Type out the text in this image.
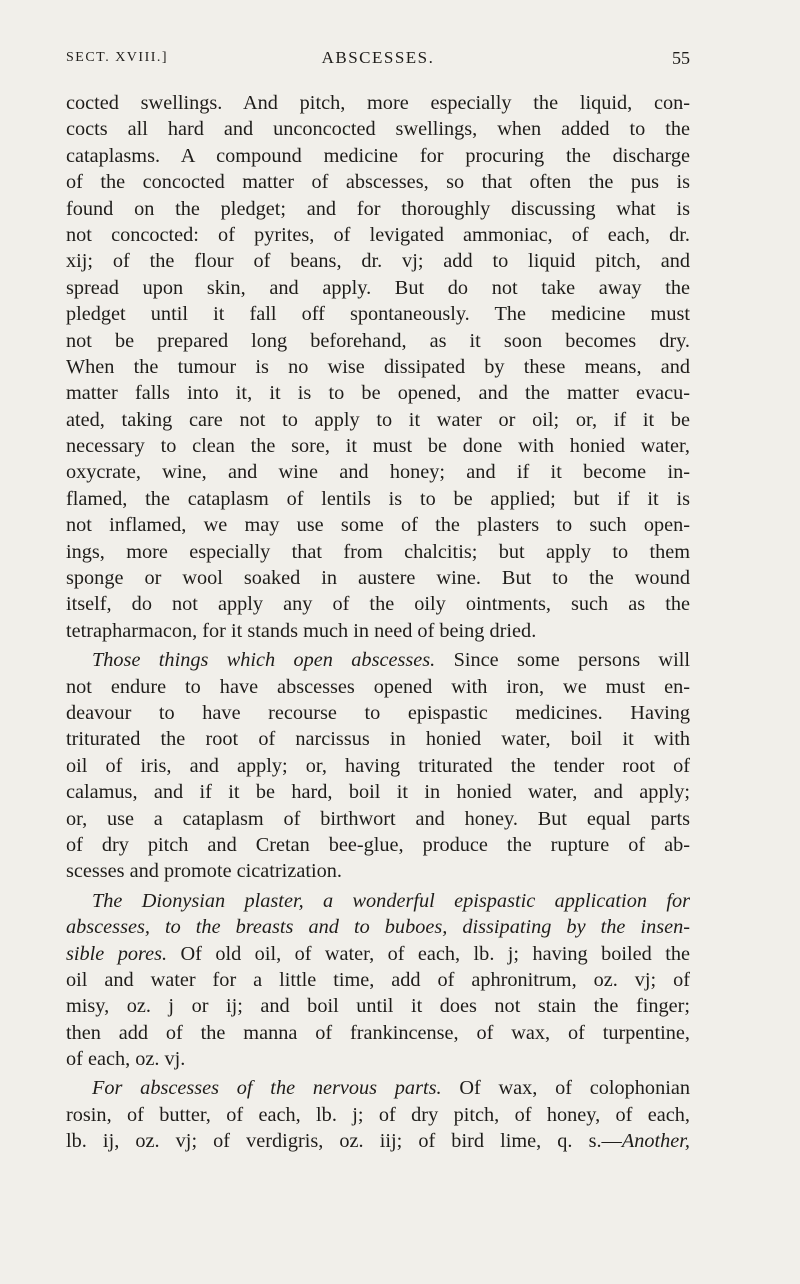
SECT. XVIII.]	ABSCESSES.	55
cocted swellings. And pitch, more especially the liquid, con-
cocts all hard and unconcocted swellings, when added to the
cataplasms. A compound medicine for procuring the discharge
of the concocted matter of abscesses, so that often the pus is
found on the pledget; and for thoroughly discussing what is
not concocted: of pyrites, of levigated ammoniac, of each, dr.
xij; of the flour of beans, dr. vj; add to liquid pitch, and
spread upon skin, and apply. But do not take away the
pledget until it fall off spontaneously. The medicine must
not be prepared long beforehand, as it soon becomes dry.
When the tumour is no wise dissipated by these means, and
matter falls into it, it is to be opened, and the matter evacu-
ated, taking care not to apply to it water or oil; or, if it be
necessary to clean the sore, it must be done with honied water,
oxycrate, wine, and wine and honey; and if it become in-
flamed, the cataplasm of lentils is to be applied; but if it is
not inflamed, we may use some of the plasters to such open-
ings, more especially that from chalcitis; but apply to them
sponge or wool soaked in austere wine. But to the wound
itself, do not apply any of the oily ointments, such as the
tetrapharmacon, for it stands much in need of being dried.
Those things which open abscesses. Since some persons will
not endure to have abscesses opened with iron, we must en-
deavour to have recourse to epispastic medicines. Having
triturated the root of narcissus in honied water, boil it with
oil of iris, and apply; or, having triturated the tender root of
calamus, and if it be hard, boil it in honied water, and apply;
or, use a cataplasm of birthwort and honey. But equal parts
of dry pitch and Cretan bee-glue, produce the rupture of ab-
scesses and promote cicatrization.
The Dionysian plaster, a wonderful epispastic application for
abscesses, to the breasts and to buboes, dissipating by the insen-
sible pores. Of old oil, of water, of each, lb. j; having boiled the
oil and water for a little time, add of aphronitrum, oz. vj; of
misy, oz. j or ij; and boil until it does not stain the finger;
then add of the manna of frankincense, of wax, of turpentine,
of each, oz. vj.
For abscesses of the nervous parts. Of wax, of colophonian
rosin, of butter, of each, lb. j; of dry pitch, of honey, of each,
lb. ij, oz. vj; of verdigris, oz. iij; of bird lime, q. s.—Another,
